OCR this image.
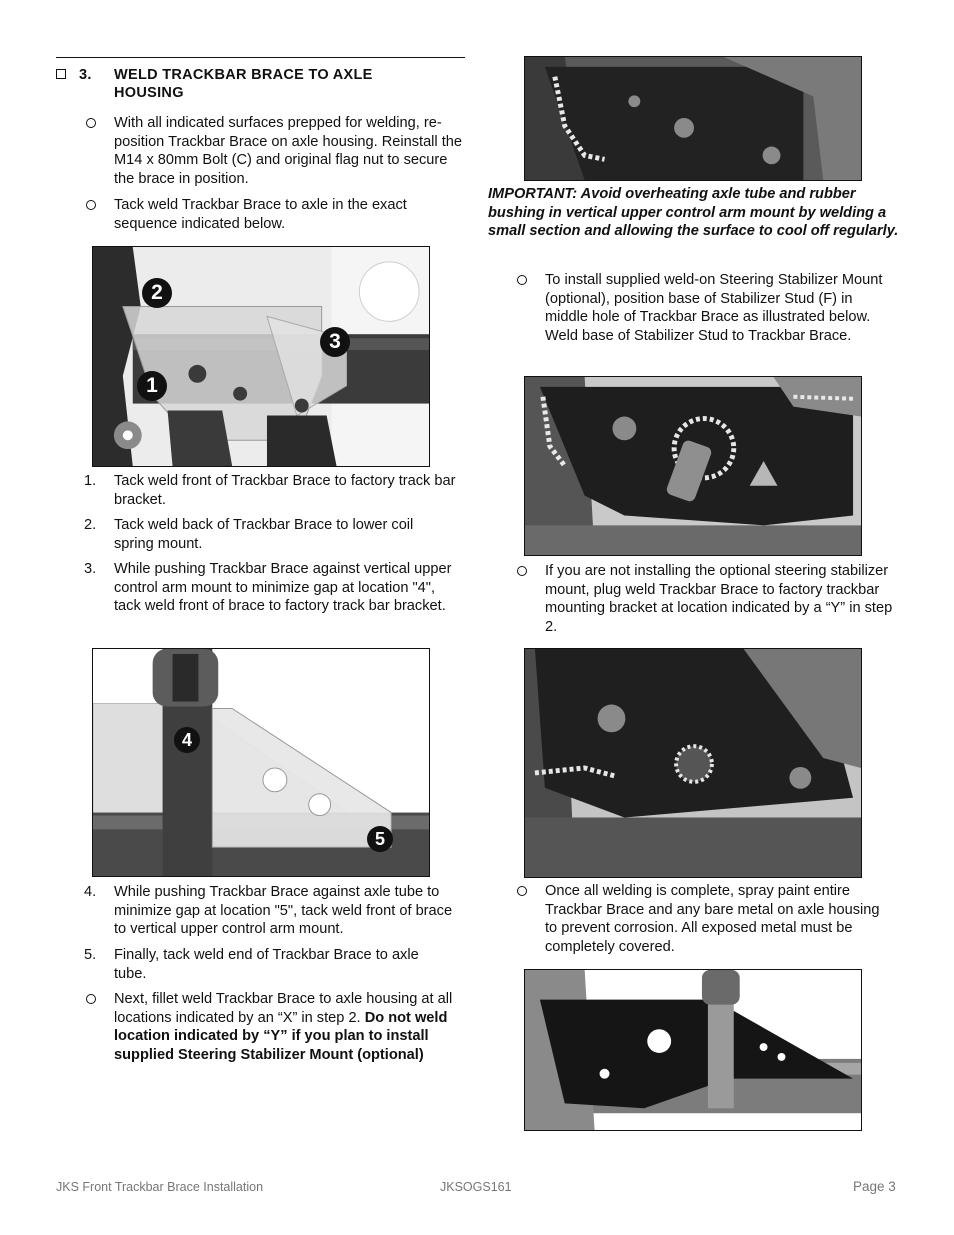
3. WELD TRACKBAR BRACE TO AXLE HOUSING
With all indicated surfaces prepped for welding, re-position Trackbar Brace on axle housing. Reinstall the M14 x 80mm Bolt (C) and original flag nut to secure the brace in position.
Tack weld Trackbar Brace to axle in the exact sequence indicated below.
2
3
1
1. Tack weld front of Trackbar Brace to factory track bar bracket.
2. Tack weld back of Trackbar Brace to lower coil spring mount.
3. While pushing Trackbar Brace against vertical upper control arm mount to minimize gap at location "4", tack weld front of brace to factory track bar bracket.
4
5
4. While pushing Trackbar Brace against axle tube to minimize gap at location "5", tack weld front of brace to vertical upper control arm mount.
5. Finally, tack weld end of Trackbar Brace to axle tube.
Next, fillet weld Trackbar Brace to axle housing at all locations indicated by an “X” in step 2. Do not weld location indicated by “Y” if you plan to install supplied Steering Stabilizer Mount (optional)
IMPORTANT: Avoid overheating axle tube and rubber bushing in vertical upper control arm mount by welding a small section and allowing the surface to cool off regularly.
To install supplied weld-on Steering Stabilizer Mount (optional), position base of Stabilizer Stud (F) in middle hole of Trackbar Brace as illustrated below. Weld base of Stabilizer Stud to Trackbar Brace.
If you are not installing the optional steering stabilizer mount, plug weld Trackbar Brace to factory trackbar mounting bracket at location indicated by a “Y” in step 2.
Once all welding is complete, spray paint entire Trackbar Brace and any bare metal on axle housing to prevent corrosion. All exposed metal must be completely covered.
JKS Front Trackbar Brace Installation	JKSOGS161	Page 3
